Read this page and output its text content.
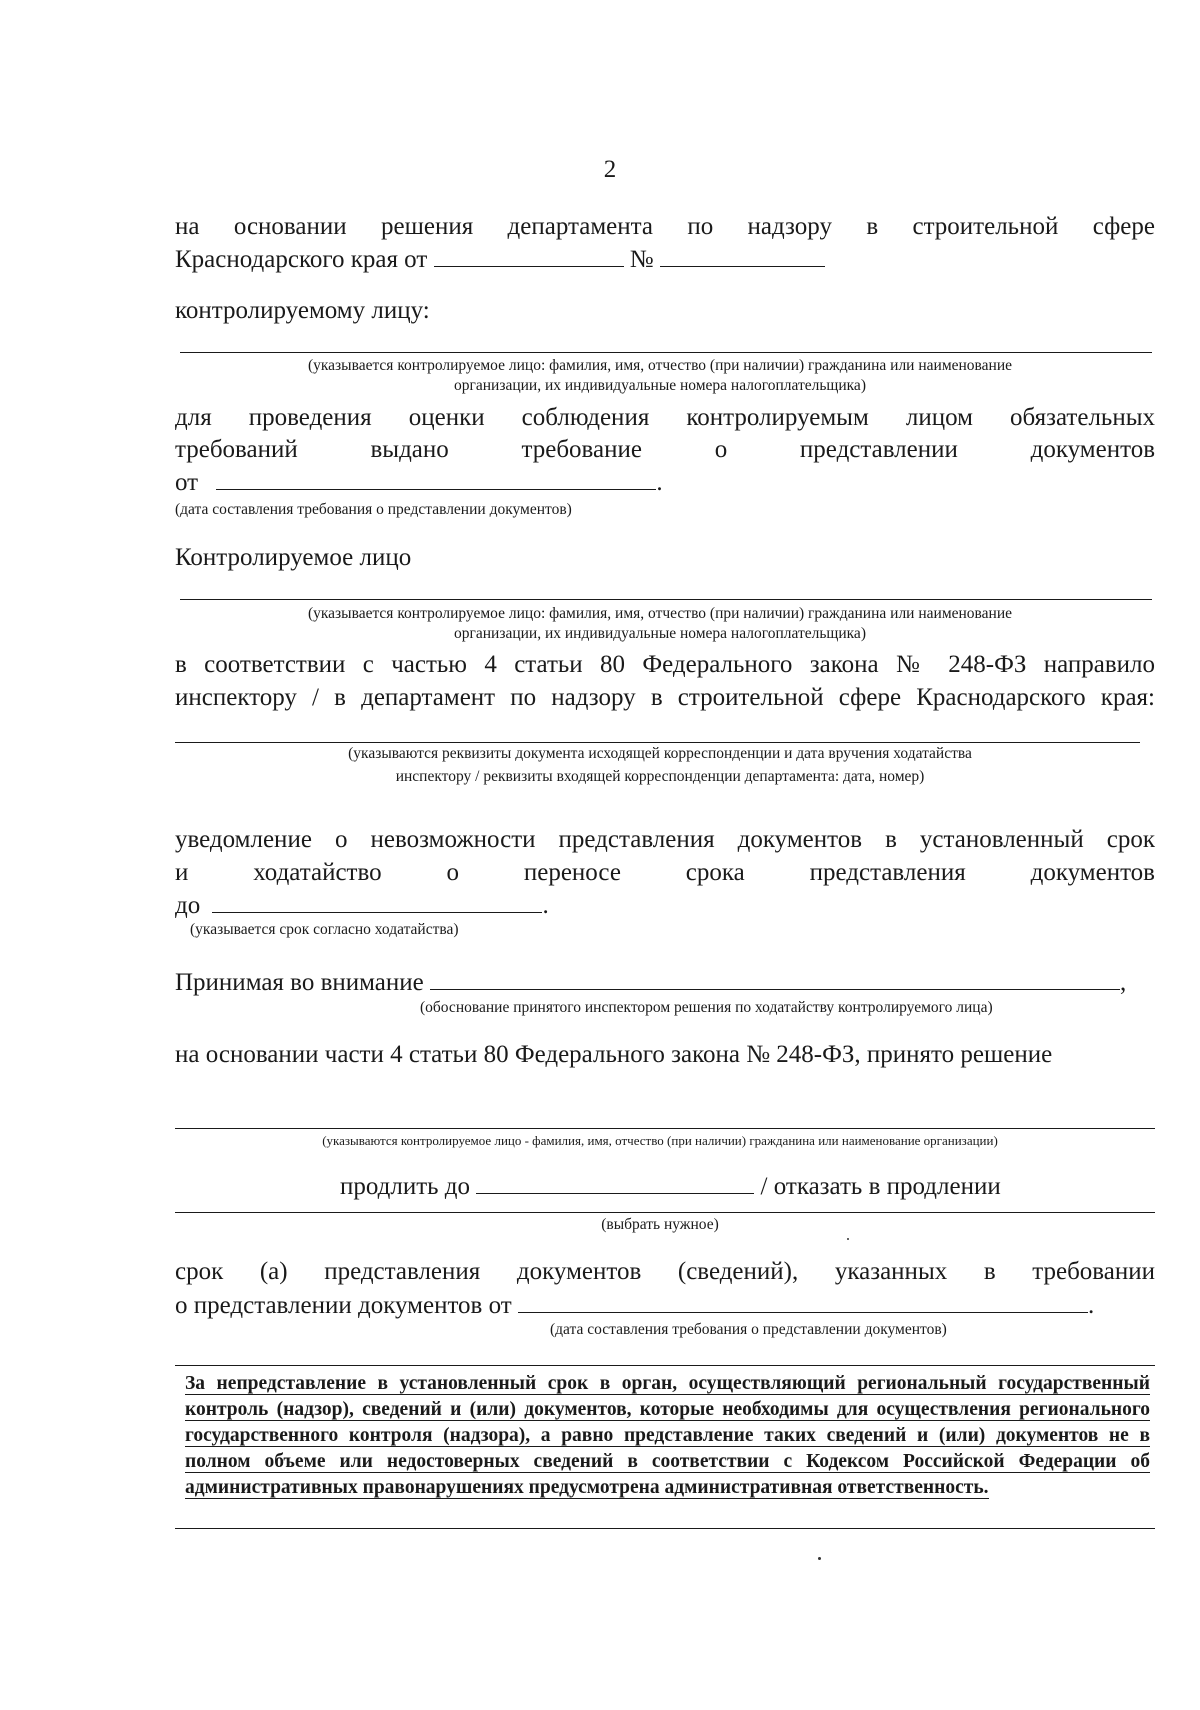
2
на основании решения департамента по надзору в строительной сфере
Краснодарского края от	№
контролируемому лицу:
(указывается контролируемое лицо: фамилия, имя, отчество (при наличии) гражданина или наименование
организации, их индивидуальные номера налогоплательщика)
для проведения оценки соблюдения контролируемым лицом обязательных
требований выдано требование о представлении документов
от	.
(дата составления требования о представлении документов)
Контролируемое лицо
(указывается контролируемое лицо: фамилия, имя, отчество (при наличии) гражданина или наименование
организации, их индивидуальные номера налогоплательщика)
в соответствии с частью 4 статьи 80 Федерального закона № 248-ФЗ направило
инспектору / в департамент по надзору в строительной сфере Краснодарского края:
(указываются реквизиты документа исходящей корреспонденции и дата вручения ходатайства
инспектору / реквизиты входящей корреспонденции департамента: дата, номер)
уведомление о невозможности представления документов в установленный срок
и ходатайство о переносе срока представления документов
до	.
(указывается срок согласно ходатайства)
Принимая во внимание	,
(обоснование принятого инспектором решения по ходатайству контролируемого лица)
на основании части 4 статьи 80 Федерального закона № 248-ФЗ, принято решение
(указываются контролируемое лицо - фамилия, имя, отчество (при наличии) гражданина или наименование организации)
продлить до	/ отказать в продлении
(выбрать нужное)
срок (а) представления документов (сведений), указанных в требовании
о представлении документов от	.
(дата составления требования о представлении документов)
За непредставление в установленный срок в орган, осуществляющий региональный государственный контроль (надзор), сведений и (или) документов, которые необходимы для осуществления регионального государственного контроля (надзора), а равно представление таких сведений и (или) документов не в полном объеме или недостоверных сведений в соответствии с Кодексом Российской Федерации об административных правонарушениях предусмотрена административная ответственность.
